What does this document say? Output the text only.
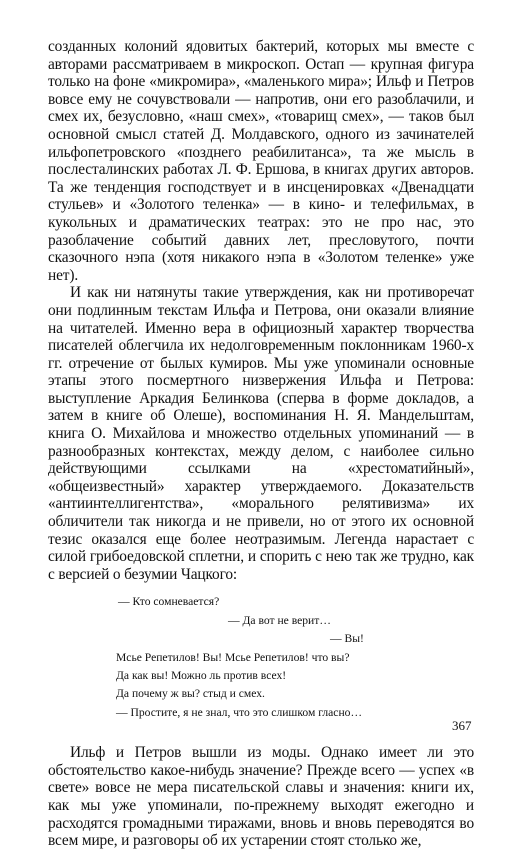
созданных колоний ядовитых бактерий, которых мы вместе с авторами рассматриваем в микроскоп. Остап — крупная фигура только на фоне «микромира», «маленького мира»; Ильф и Петров вовсе ему не сочувствовали — напротив, они его разоблачили, и смех их, безусловно, «наш смех», «товарищ смех», — таков был основной смысл статей Д. Молдавского, одного из зачинателей ильфопетровского «позднего реабилитанса», та же мысль в послесталинских работах Л. Ф. Ершова, в книгах других авторов. Та же тенденция господствует и в инсценировках «Двенадцати стульев» и «Золотого теленка» — в кино- и телефильмах, в кукольных и драматических театрах: это не про нас, это разоблачение событий давних лет, пресловутого, почти сказочного нэпа (хотя никакого нэпа в «Золотом теленке» уже нет).

И как ни натянуты такие утверждения, как ни противоречат они подлинным текстам Ильфа и Петрова, они оказали влияние на читателей. Именно вера в официозный характер творчества писателей облегчила их недолговременным поклонникам 1960-х гг. отречение от былых кумиров. Мы уже упоминали основные этапы этого посмертного низвержения Ильфа и Петрова: выступление Аркадия Белинкова (сперва в форме докладов, а затем в книге об Олеше), воспоминания Н. Я. Мандельштам, книга О. Михайлова и множество отдельных упоминаний — в разнообразных контекстах, между делом, с наиболее сильно действующими ссылками на «хрестоматийный», «общеизвестный» характер утверждаемого. Доказательств «антиинтеллигентства», «морального релятивизма» их обличители так никогда и не привели, но от этого их основной тезис оказался еще более неотразимым. Легенда нарастает с силой грибоедовской сплетни, и спорить с нею так же трудно, как с версией о безумии Чацкого:

— Кто сомневается?
— Да вот не верит…
— Вы!
Мсье Репетилов! Вы! Мсье Репетилов! что вы?
Да как вы! Можно ль против всех!
Да почему ж вы? стыд и смех.
— Простите, я не знал, что это слишком гласно…

Ильф и Петров вышли из моды. Однако имеет ли это обстоятельство какое-нибудь значение? Прежде всего — успех «в свете» вовсе не мера писательской славы и значения: книги их, как мы уже упоминали, по-прежнему выходят ежегодно и расходятся громадными тиражами, вновь и вновь переводятся во всем мире, и разговоры об их устарении стоят столько же,

367
